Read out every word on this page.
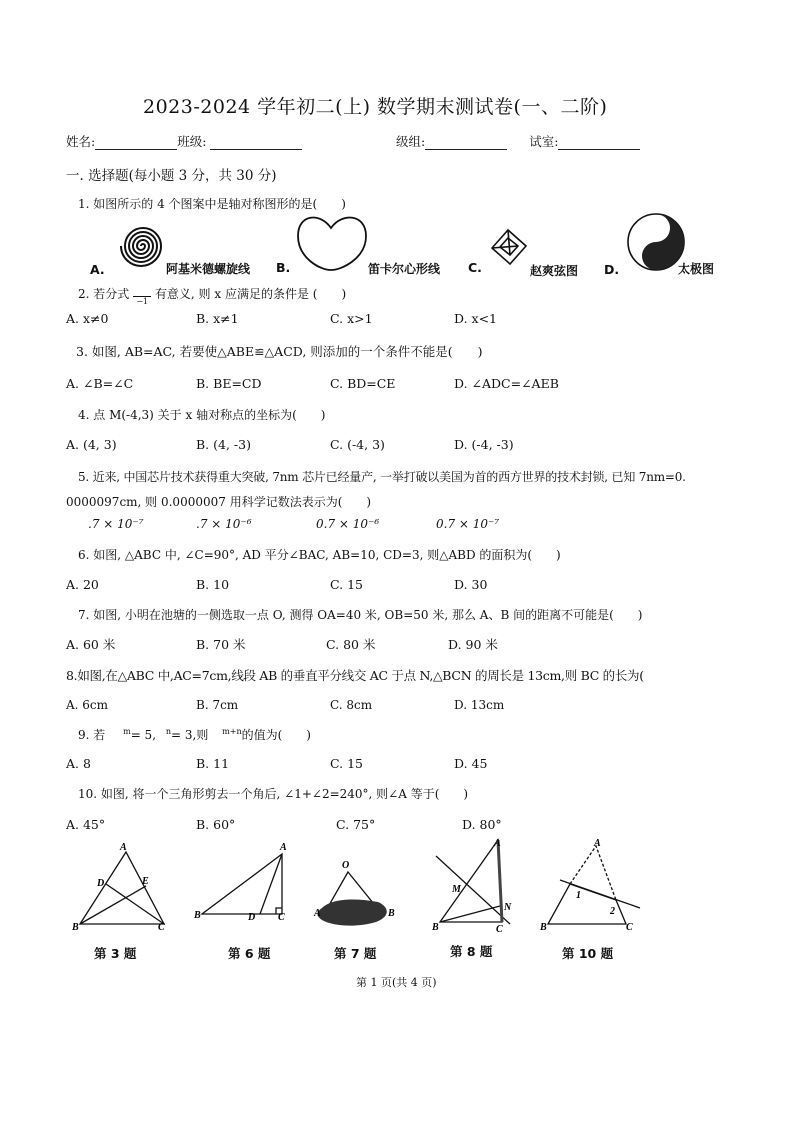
2023-2024 学年初二(上) 数学期末测试卷(一、二阶)
姓名:	班级:	级组:	试室:
一. 选择题(每小题 3 分，共 30 分)
1. 如图所示的 4 个图案中是轴对称图形的是(　　)
A.	阿基米德螺旋线 B.	笛卡尔心形线 C.	赵爽弦图 D.	太极图
2. 若分式 −1 有意义, 则 x 应满足的条件是 (　　)
A. x≠0	B. x≠1	C. x>1	D. x<1
3. 如图, AB=AC, 若要使△ABE≌△ACD, 则添加的一个条件不能是(　　)
A. ∠B=∠C	B. BE=CD	C. BD=CE	D. ∠ADC=∠AEB
4. 点 M(-4,3) 关于 x 轴对称点的坐标为(　　)
A. (4, 3)	B. (4, -3)	C. (-4, 3)	D. (-4, -3)
5. 近来, 中国芯片技术获得重大突破, 7nm 芯片已经量产, 一举打破以美国为首的西方世界的技术封锁, 已知 7nm=0.
0000097cm, 则 0.0000007 用科学记数法表示为(　　)
.7 × 10⁻⁷	.7 × 10⁻⁶	0.7 × 10⁻⁶	0.7 × 10⁻⁷
6. 如图, △ABC 中, ∠C=90°, AD 平分∠BAC, AB=10, CD=3, 则△ABD 的面积为(　　)
A. 20	B. 10	C. 15	D. 30
7. 如图, 小明在池塘的一侧选取一点 O, 测得 OA=40 米, OB=50 米, 那么 A、B 间的距离不可能是(　　)
A. 60 米	B. 70 米	C. 80 米	D. 90 米
8.如图,在△ABC 中,AC=7cm,线段 AB 的垂直平分线交 AC 于点 N,△BCN 的周长是 13cm,则 BC 的长为(
A. 6cm	B. 7cm	C. 8cm	D. 13cm
9. 若 $^m$= 5, $^n$= 3,则 $^{m+n}$的值为(　　)
A. 8	B. 11	C. 15	D. 45
10. 如图, 将一个三角形剪去一个角后, ∠1+∠2=240°, 则∠A 等于(　　)
A. 45°	B. 60°	C. 75°	D. 80°
A
D	E
B	C
A
B	D C
O
A	B
A
M
N
B	C
A
1
2
B	C
第 3 题	第 6 题	第 7 题	第 8 题	第 10 题
第 1 页(共 4 页)
